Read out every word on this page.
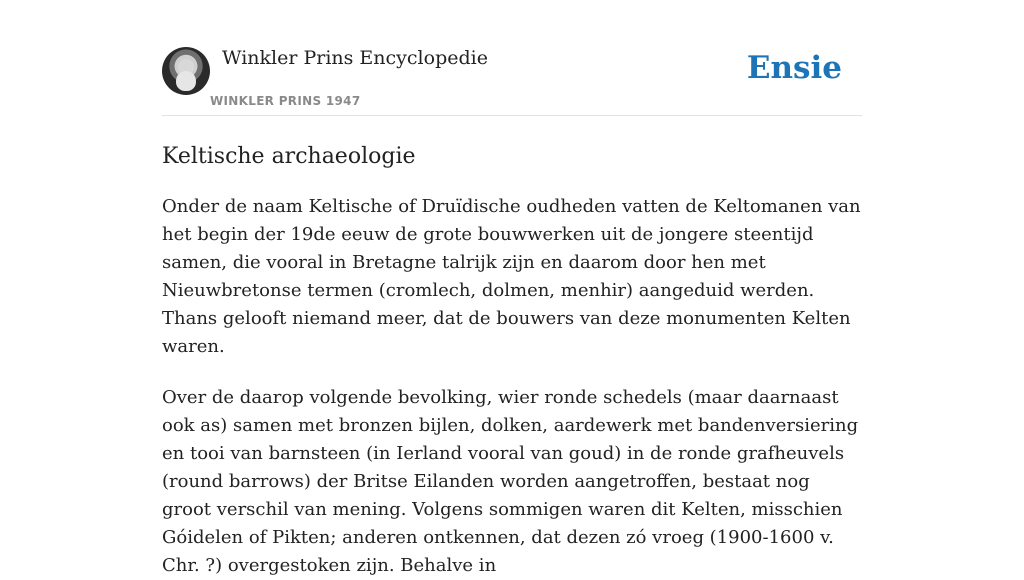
Winkler Prins Encyclopedie
WINKLER PRINS 1947
Ensie
Keltische archaeologie

Onder de naam Keltische of Druïdische oudheden vatten de Keltomanen van het begin der 19de eeuw de grote bouwwerken uit de jongere steentijd samen, die vooral in Bretagne talrijk zijn en daarom door hen met Nieuwbretonse termen (cromlech, dolmen, menhir) aangeduid werden. Thans gelooft niemand meer, dat de bouwers van deze monumenten Kelten waren.

Over de daarop volgende bevolking, wier ronde schedels (maar daarnaast ook as) samen met bronzen bijlen, dolken, aardewerk met bandenversiering en tooi van barnsteen (in Ierland vooral van goud) in de ronde grafheuvels (round barrows) der Britse Eilanden worden aangetroffen, bestaat nog groot verschil van mening. Volgens sommigen waren dit Kelten, misschien Góidelen of Pikten; anderen ontkennen, dat dezen zó vroeg (1900-1600 v. Chr. ?) overgestoken zijn. Behalve in
